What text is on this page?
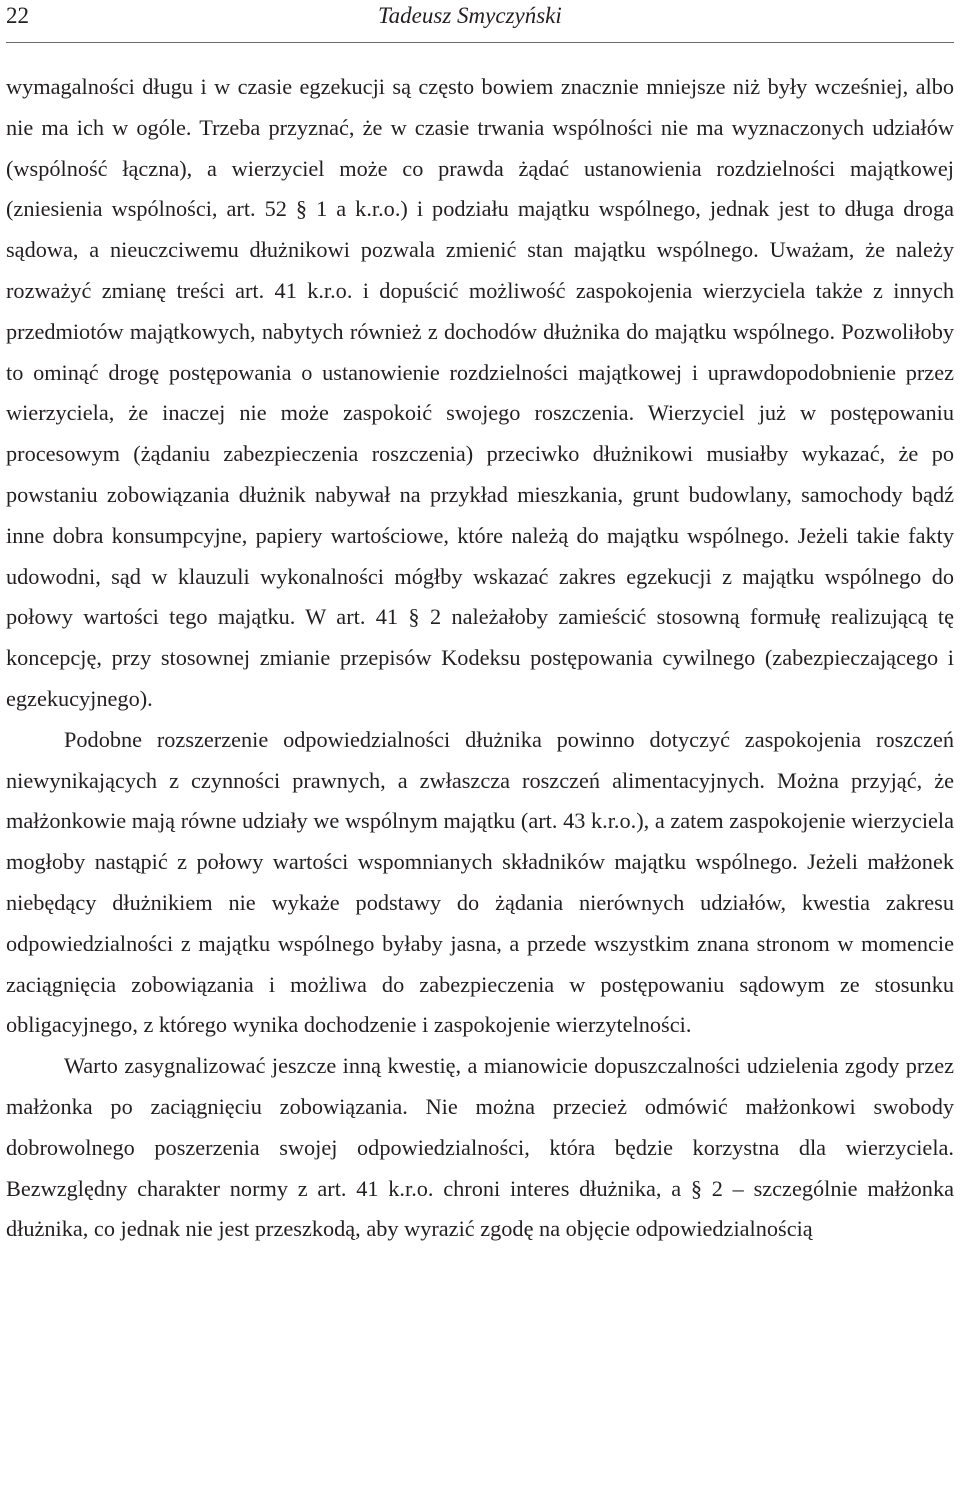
22	Tadeusz Smyczyński

wymagalności długu i w czasie egzekucji są często bowiem znacznie mniejsze niż były wcześniej, albo nie ma ich w ogóle. Trzeba przyznać, że w czasie trwania wspólności nie ma wyznaczonych udziałów (wspólność łączna), a wierzyciel może co prawda żądać ustanowienia rozdzielności majątkowej (zniesienia wspólności, art. 52 § 1 a k.r.o.) i podziału majątku wspólnego, jednak jest to długa droga sądowa, a nieuczciwemu dłużnikowi pozwala zmienić stan majątku wspólnego. Uważam, że należy rozważyć zmianę treści art. 41 k.r.o. i dopuścić możliwość zaspokojenia wierzyciela także z innych przedmiotów majątkowych, nabytych również z dochodów dłużnika do majątku wspólnego. Pozwoliłoby to ominąć drogę postępowania o ustanowienie rozdzielności majątkowej i uprawdopodobnienie przez wierzyciela, że inaczej nie może zaspokoić swojego roszczenia. Wierzyciel już w postępowaniu procesowym (żądaniu zabezpieczenia roszczenia) przeciwko dłużnikowi musiałby wykazać, że po powstaniu zobowiązania dłużnik nabywał na przykład mieszkania, grunt budowlany, samochody bądź inne dobra konsumpcyjne, papiery wartościowe, które należą do majątku wspólnego. Jeżeli takie fakty udowodni, sąd w klauzuli wykonalności mógłby wskazać zakres egzekucji z majątku wspólnego do połowy wartości tego majątku. W art. 41 § 2 należałoby zamieścić stosowną formułę realizującą tę koncepcję, przy stosownej zmianie przepisów Kodeksu postępowania cywilnego (zabezpieczającego i egzekucyjnego).

Podobne rozszerzenie odpowiedzialności dłużnika powinno dotyczyć zaspokojenia roszczeń niewynikających z czynności prawnych, a zwłaszcza roszczeń alimentacyjnych. Można przyjąć, że małżonkowie mają równe udziały we wspólnym majątku (art. 43 k.r.o.), a zatem zaspokojenie wierzyciela mogłoby nastąpić z połowy wartości wspomnianych składników majątku wspólnego. Jeżeli małżonek niebędący dłużnikiem nie wykaże podstawy do żądania nierównych udziałów, kwestia zakresu odpowiedzialności z majątku wspólnego byłaby jasna, a przede wszystkim znana stronom w momencie zaciągnięcia zobowiązania i możliwa do zabezpieczenia w postępowaniu sądowym ze stosunku obligacyjnego, z którego wynika dochodzenie i zaspokojenie wierzytelności.

Warto zasygnalizować jeszcze inną kwestię, a mianowicie dopuszczalności udzielenia zgody przez małżonka po zaciągnięciu zobowiązania. Nie można przecież odmówić małżonkowi swobody dobrowolnego poszerzenia swojej odpowiedzialności, która będzie korzystna dla wierzyciela. Bezwzględny charakter normy z art. 41 k.r.o. chroni interes dłużnika, a § 2 – szczególnie małżonka dłużnika, co jednak nie jest przeszkodą, aby wyrazić zgodę na objęcie odpowiedzialnością
